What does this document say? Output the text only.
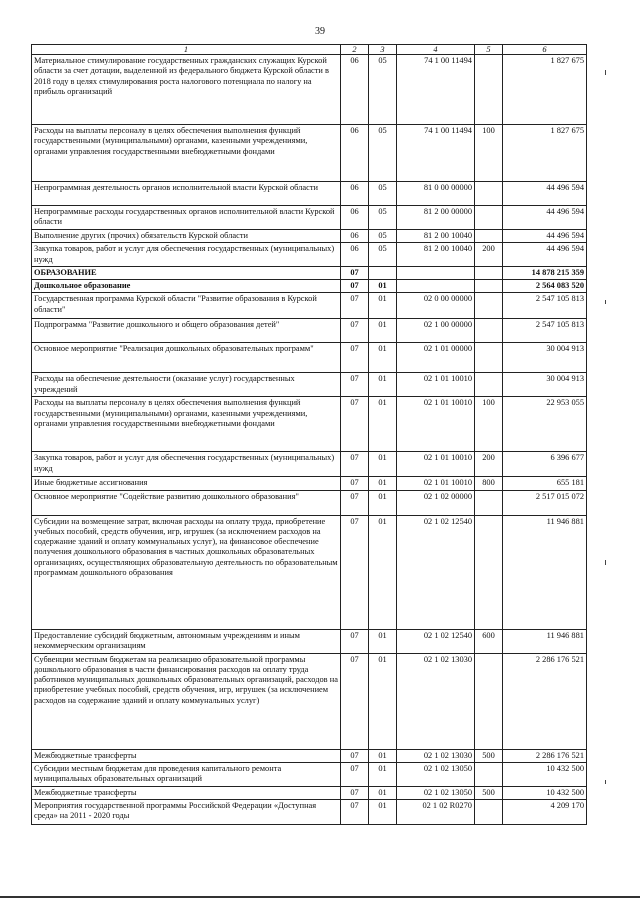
39
1	2	3	4	5	6
Материальное стимулирование государственных гражданских служащих Курской области за счет дотации, выделенной из федерального бюджета Курской области в 2018 году в целях стимулирования роста налогового потенциала по налогу на прибыль организаций	06	05	74 1 00 11494		1 827 675
Расходы на выплаты персоналу в целях обеспечения выполнения функций государственными (муниципальными) органами, казенными учреждениями, органами управления государственными внебюджетными фондами	06	05	74 1 00 11494	100	1 827 675
Непрограммная деятельность органов исполнительной власти Курской области	06	05	81 0 00 00000		44 496 594
Непрограммные расходы государственных органов исполнительной власти Курской области	06	05	81 2 00 00000		44 496 594
Выполнение других (прочих) обязательств Курской области	06	05	81 2 00 10040		44 496 594
Закупка товаров, работ и услуг для обеспечения государственных (муниципальных) нужд	06	05	81 2 00 10040	200	44 496 594
ОБРАЗОВАНИЕ	07				14 878 215 359
Дошкольное образование	07	01			2 564 083 520
Государственная программа Курской области "Развитие образования в Курской области"	07	01	02 0 00 00000		2 547 105 813
Подпрограмма "Развитие дошкольного и общего образования детей"	07	01	02 1 00 00000		2 547 105 813
Основное мероприятие "Реализация дошкольных образовательных программ"	07	01	02 1 01 00000		30 004 913
Расходы на обеспечение деятельности (оказание услуг) государственных учреждений	07	01	02 1 01 10010		30 004 913
Расходы на выплаты персоналу в целях обеспечения выполнения функций государственными (муниципальными) органами, казенными учреждениями, органами управления государственными внебюджетными фондами	07	01	02 1 01 10010	100	22 953 055
Закупка товаров, работ и услуг для обеспечения государственных (муниципальных) нужд	07	01	02 1 01 10010	200	6 396 677
Иные бюджетные ассигнования	07	01	02 1 01 10010	800	655 181
Основное мероприятие "Содействие развитию дошкольного образования"	07	01	02 1 02 00000		2 517 015 072
Субсидии на возмещение затрат, включая расходы на оплату труда, приобретение учебных пособий, средств обучения, игр, игрушек (за исключением расходов на содержание зданий и оплату коммунальных услуг), на финансовое обеспечение получения дошкольного образования в частных дошкольных образовательных организациях, осуществляющих образовательную деятельность по образовательным программам дошкольного образования	07	01	02 1 02 12540		11 946 881
Предоставление субсидий бюджетным, автономным учреждениям и иным некоммерческим организациям	07	01	02 1 02 12540	600	11 946 881
Субвенции местным бюджетам на реализацию образовательной программы дошкольного образования в части финансирования расходов на оплату труда работников муниципальных дошкольных образовательных организаций, расходов на приобретение учебных пособий, средств обучения, игр, игрушек (за исключением расходов на содержание зданий и оплату коммунальных услуг)	07	01	02 1 02 13030		2 286 176 521
Межбюджетные трансферты	07	01	02 1 02 13030	500	2 286 176 521
Субсидии местным бюджетам для проведения капитального ремонта муниципальных образовательных организаций	07	01	02 1 02 13050		10 432 500
Межбюджетные трансферты	07	01	02 1 02 13050	500	10 432 500
Мероприятия государственной программы Российской Федерации «Доступная среда» на 2011 - 2020 годы	07	01	02 1 02 R0270		4 209 170
